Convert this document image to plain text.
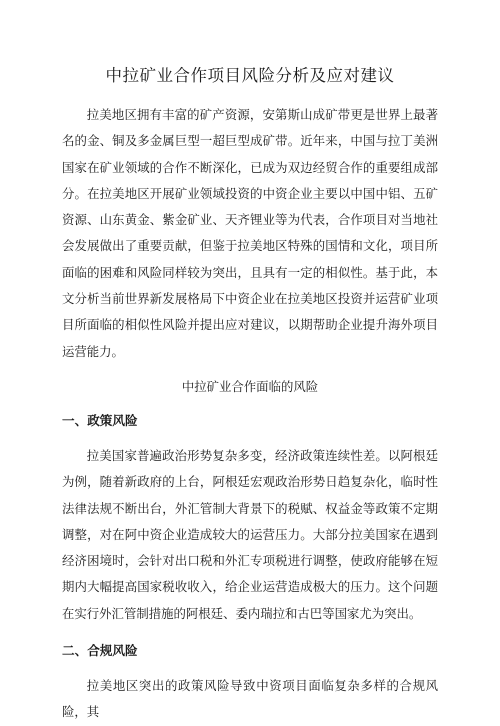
中拉矿业合作项目风险分析及应对建议

拉美地区拥有丰富的矿产资源，安第斯山成矿带更是世界上最著名的金、铜及多金属巨型一超巨型成矿带。近年来，中国与拉丁美洲国家在矿业领域的合作不断深化，已成为双边经贸合作的重要组成部分。在拉美地区开展矿业领域投资的中资企业主要以中国中铝、五矿资源、山东黄金、紫金矿业、天齐锂业等为代表，合作项目对当地社会发展做出了重要贡献，但鉴于拉美地区特殊的国情和文化，项目所面临的困难和风险同样较为突出，且具有一定的相似性。基于此，本文分析当前世界新发展格局下中资企业在拉美地区投资并运营矿业项目所面临的相似性风险并提出应对建议，以期帮助企业提升海外项目运营能力。

中拉矿业合作面临的风险
一、政策风险

拉美国家普遍政治形势复杂多变，经济政策连续性差。以阿根廷为例，随着新政府的上台，阿根廷宏观政治形势日趋复杂化，临时性法律法规不断出台，外汇管制大背景下的税赋、权益金等政策不定期调整，对在阿中资企业造成较大的运营压力。大部分拉美国家在遇到经济困境时，会针对出口税和外汇专项税进行调整，使政府能够在短期内大幅提高国家税收收入，给企业运营造成极大的压力。这个问题在实行外汇管制措施的阿根廷、委内瑞拉和古巴等国家尤为突出。

二、合规风险

拉美地区突出的政策风险导致中资项目面临复杂多样的合规风险，其
